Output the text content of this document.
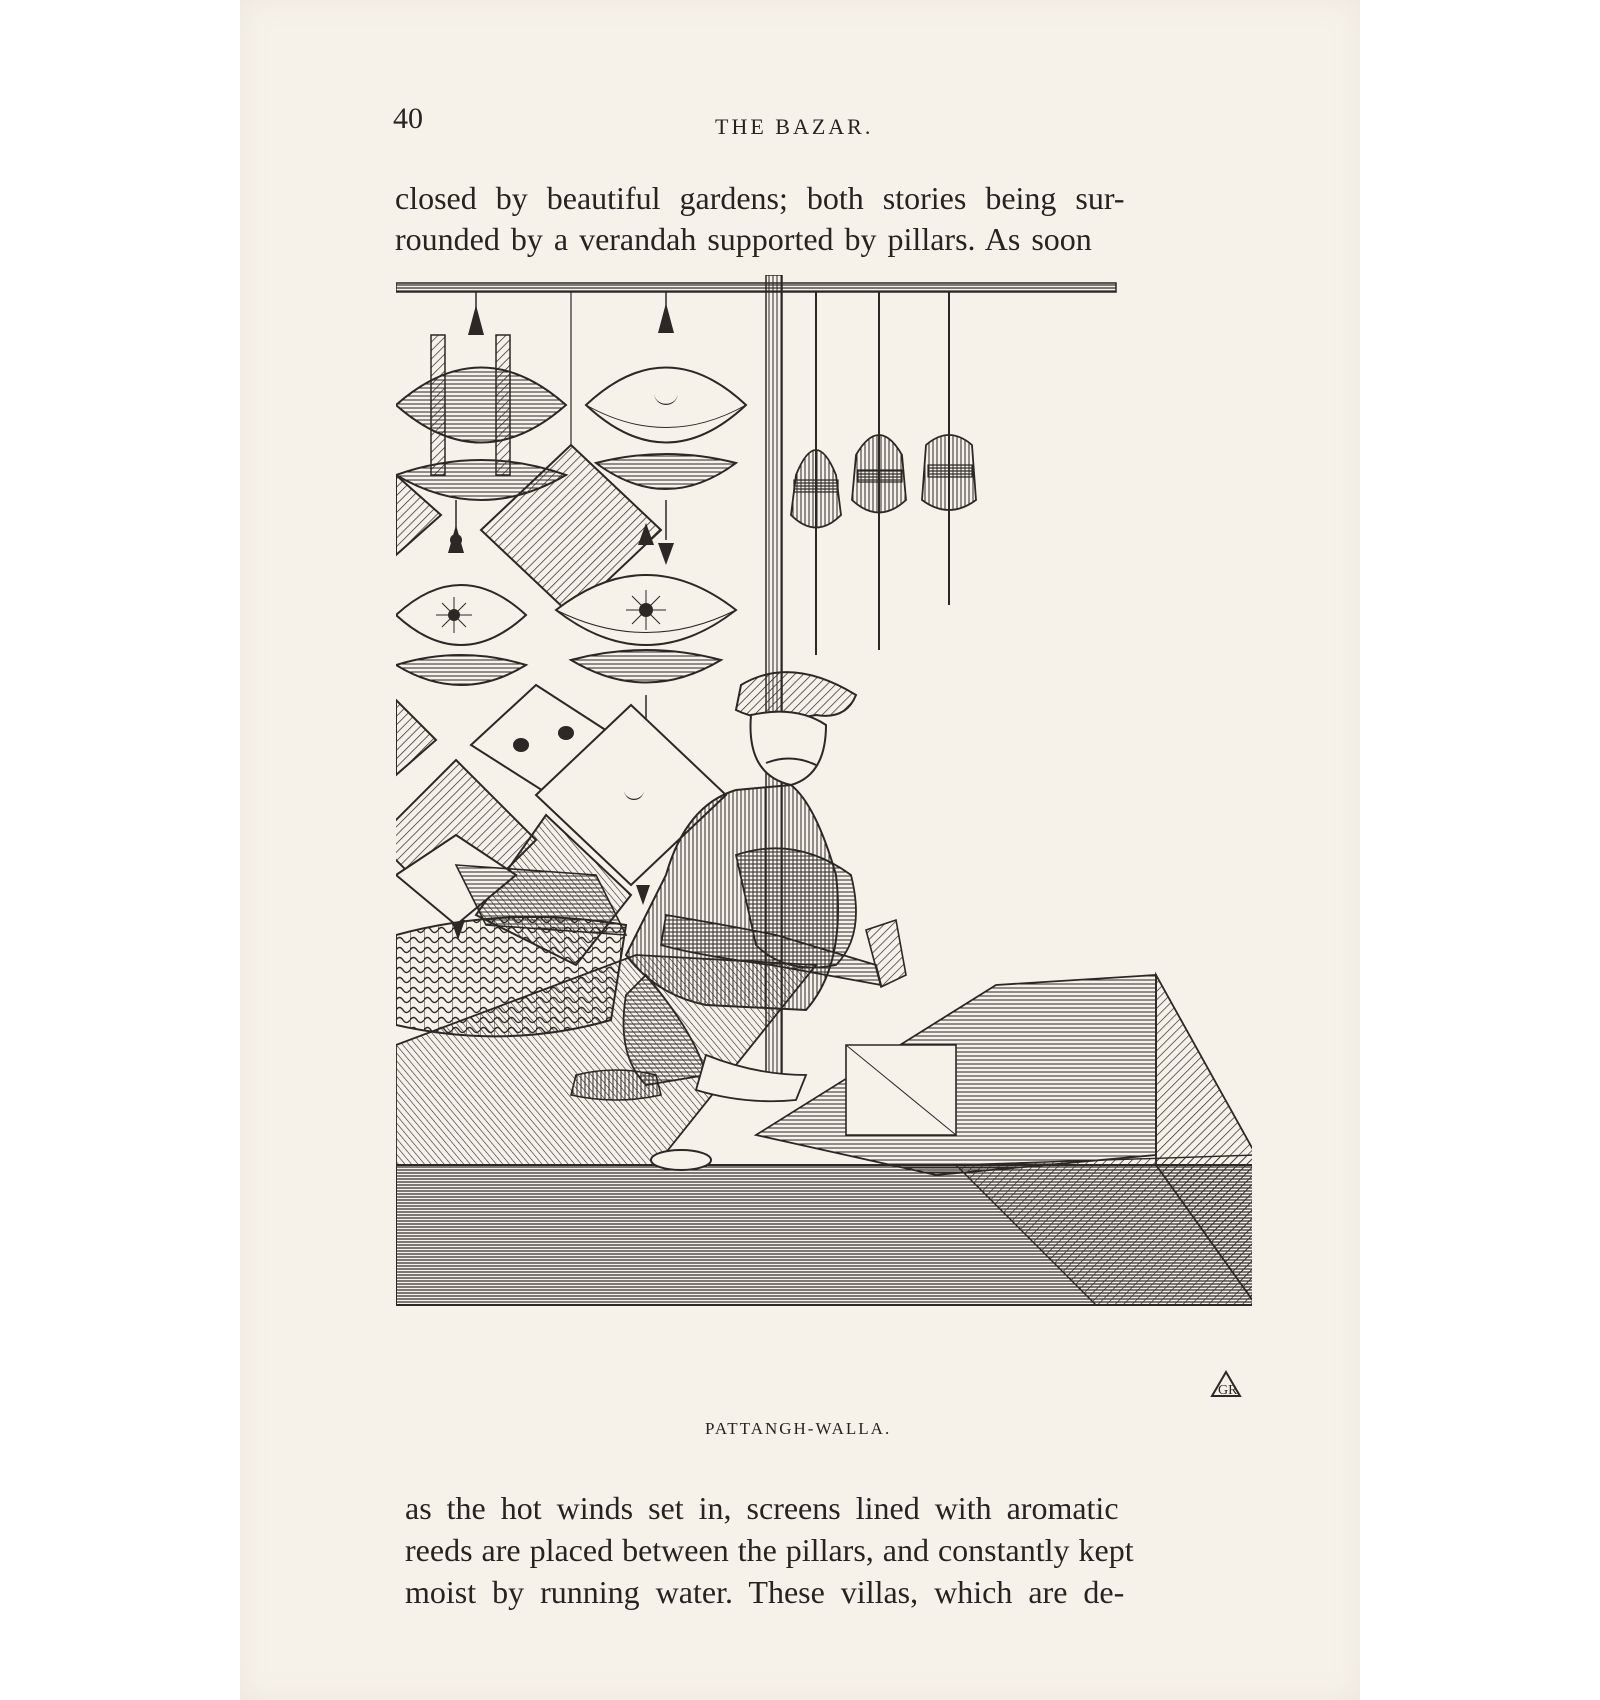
40	THE BAZAR.
closed by beautiful gardens; both stories being sur-
rounded by a verandah supported by pillars. As soon
GR
PATTANGH-WALLA.
as the hot winds set in, screens lined with aromatic
reeds are placed between the pillars, and constantly kept
moist by running water. These villas, which are de-
